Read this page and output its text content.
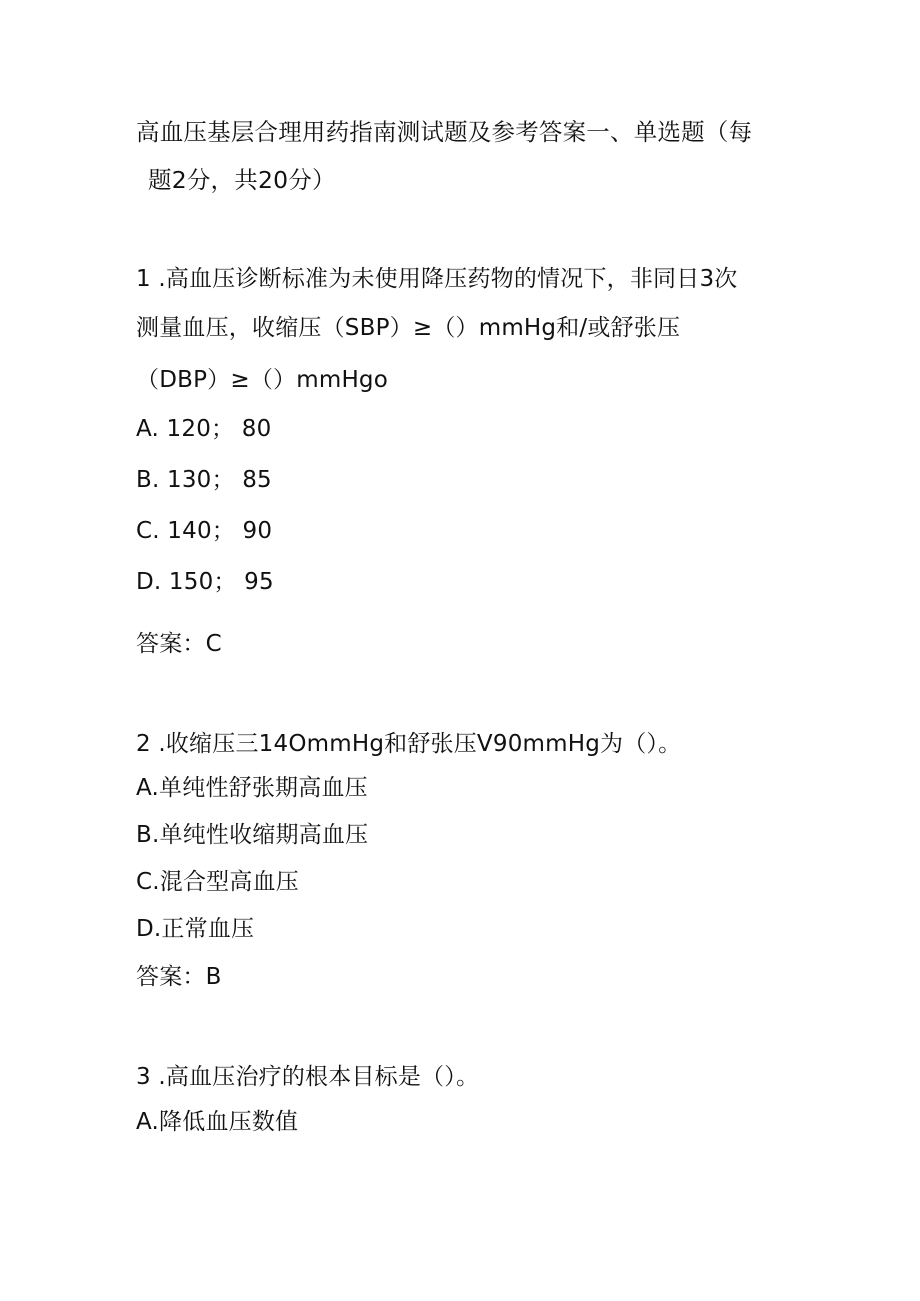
高血压基层合理用药指南测试题及参考答案一、单选题（每
题2分，共20分）
1 .高血压诊断标准为未使用降压药物的情况下，非同日3次
测量血压，收缩压（SBP）≥（）mmHg和/或舒张压
（DBP）≥（）mmHgo
A. 120； 80
B. 130； 85
C. 140； 90
D. 150； 95
答案：C
2 .收缩压三14OmmHg和舒张压V90mmHg为（）。
A.单纯性舒张期高血压
B.单纯性收缩期高血压
C.混合型高血压
D.正常血压
答案：B
3 .高血压治疗的根本目标是（）。
A.降低血压数值
